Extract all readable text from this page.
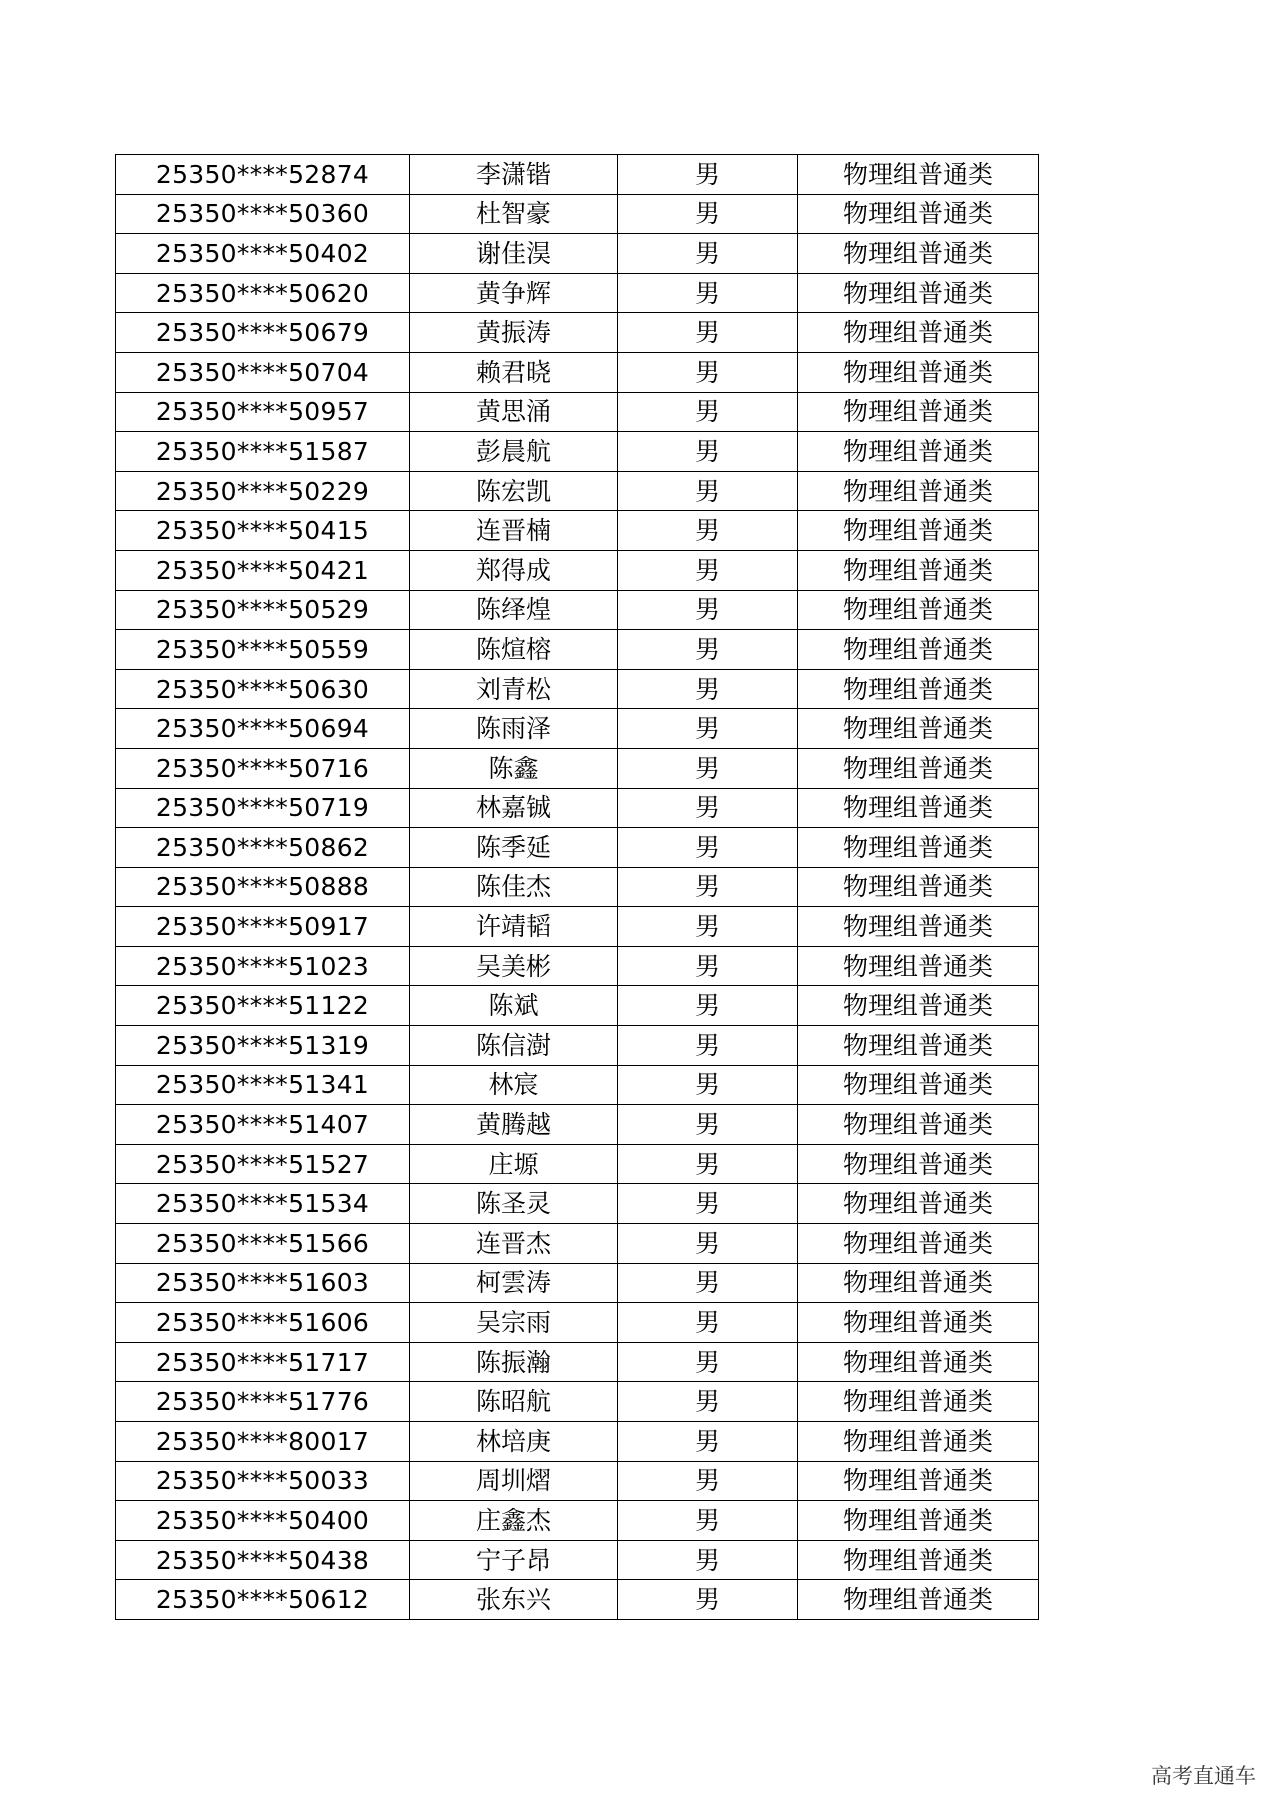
25350****52874	李潇锴	男	物理组普通类
25350****50360	杜智豪	男	物理组普通类
25350****50402	谢佳淏	男	物理组普通类
25350****50620	黄争辉	男	物理组普通类
25350****50679	黄振涛	男	物理组普通类
25350****50704	赖君晓	男	物理组普通类
25350****50957	黄思涌	男	物理组普通类
25350****51587	彭晨航	男	物理组普通类
25350****50229	陈宏凯	男	物理组普通类
25350****50415	连晋楠	男	物理组普通类
25350****50421	郑得成	男	物理组普通类
25350****50529	陈绎煌	男	物理组普通类
25350****50559	陈煊榕	男	物理组普通类
25350****50630	刘青松	男	物理组普通类
25350****50694	陈雨泽	男	物理组普通类
25350****50716	陈鑫	男	物理组普通类
25350****50719	林嘉铖	男	物理组普通类
25350****50862	陈季延	男	物理组普通类
25350****50888	陈佳杰	男	物理组普通类
25350****50917	许靖韬	男	物理组普通类
25350****51023	吴美彬	男	物理组普通类
25350****51122	陈斌	男	物理组普通类
25350****51319	陈信澍	男	物理组普通类
25350****51341	林宸	男	物理组普通类
25350****51407	黄腾越	男	物理组普通类
25350****51527	庄塬	男	物理组普通类
25350****51534	陈圣灵	男	物理组普通类
25350****51566	连晋杰	男	物理组普通类
25350****51603	柯雲涛	男	物理组普通类
25350****51606	吴宗雨	男	物理组普通类
25350****51717	陈振瀚	男	物理组普通类
25350****51776	陈昭航	男	物理组普通类
25350****80017	林培庚	男	物理组普通类
25350****50033	周圳熠	男	物理组普通类
25350****50400	庄鑫杰	男	物理组普通类
25350****50438	宁子昂	男	物理组普通类
25350****50612	张东兴	男	物理组普通类
高考直通车
